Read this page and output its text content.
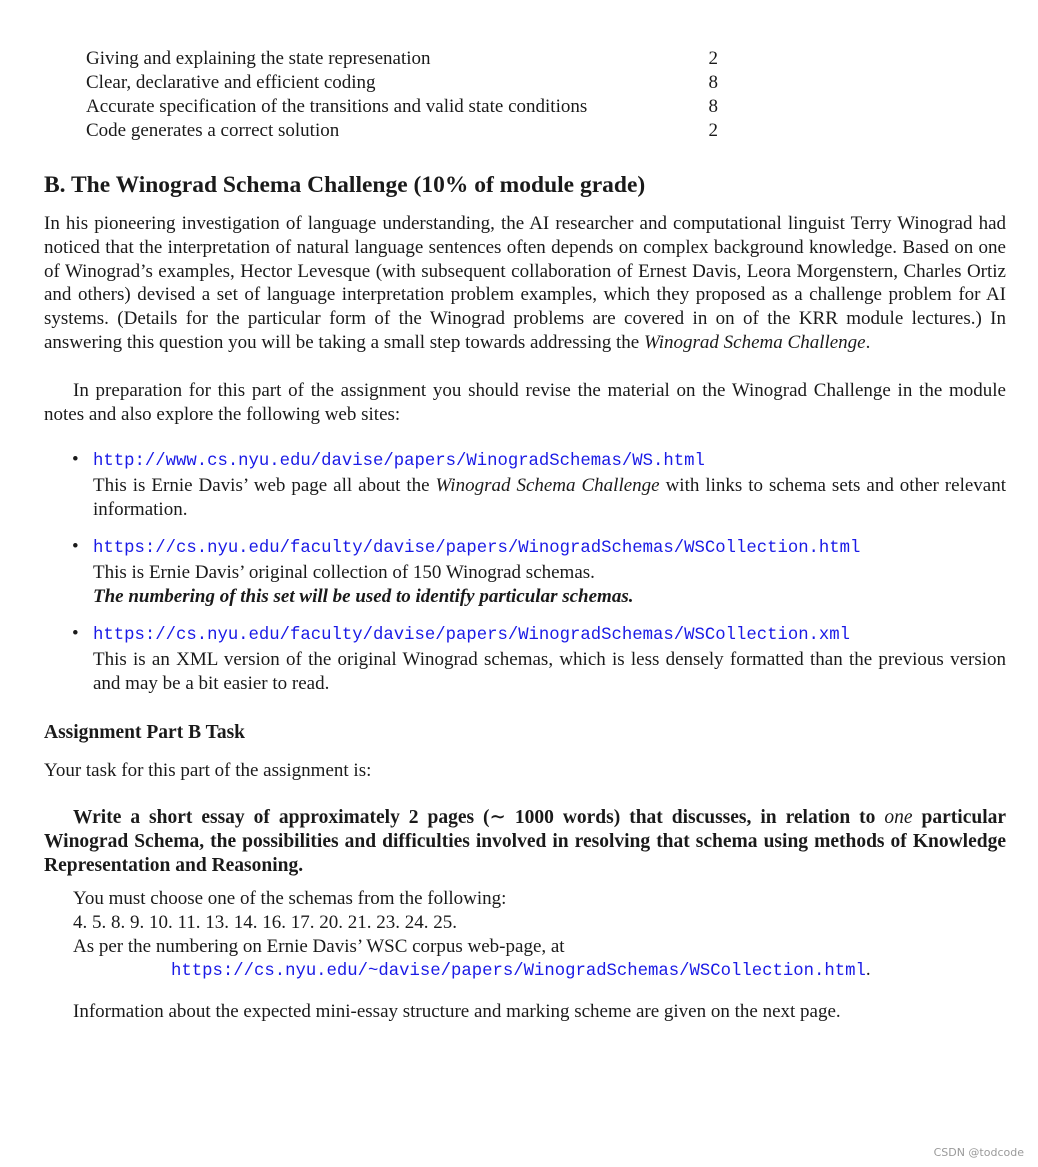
Giving and explaining the state represenation	2
Clear, declarative and efficient coding	8
Accurate specification of the transitions and valid state conditions	8
Code generates a correct solution	2
B. The Winograd Schema Challenge (10% of module grade)

In his pioneering investigation of language understanding, the AI researcher and computational linguist Terry Winograd had noticed that the interpretation of natural language sentences often depends on complex background knowledge. Based on one of Winograd’s examples, Hector Levesque (with subsequent collaboration of Ernest Davis, Leora Morgenstern, Charles Ortiz and others) devised a set of language interpretation problem examples, which they proposed as a challenge problem for AI systems. (Details for the particular form of the Winograd problems are covered in on of the KRR module lectures.) In answering this question you will be taking a small step towards addressing the Winograd Schema Challenge.

In preparation for this part of the assignment you should revise the material on the Winograd Challenge in the module notes and also explore the following web sites:

• http://www.cs.nyu.edu/davise/papers/WinogradSchemas/WS.html
This is Ernie Davis’ web page all about the Winograd Schema Challenge with links to schema sets and other relevant information.
• https://cs.nyu.edu/faculty/davise/papers/WinogradSchemas/WSCollection.html
This is Ernie Davis’ original collection of 150 Winograd schemas.
The numbering of this set will be used to identify particular schemas.
• https://cs.nyu.edu/faculty/davise/papers/WinogradSchemas/WSCollection.xml
This is an XML version of the original Winograd schemas, which is less densely formatted than the previous version and may be a bit easier to read.
Assignment Part B Task

Your task for this part of the assignment is:

Write a short essay of approximately 2 pages (∼ 1000 words) that discusses, in relation to one particular Winograd Schema, the possibilities and difficulties involved in resolving that schema using methods of Knowledge Representation and Reasoning.

You must choose one of the schemas from the following:
4. 5. 8. 9. 10. 11. 13. 14. 16. 17. 20. 21. 23. 24. 25.
As per the numbering on Ernie Davis’ WSC corpus web-page, at
https://cs.nyu.edu/~davise/papers/WinogradSchemas/WSCollection.html.

Information about the expected mini-essay structure and marking scheme are given on the next page.

CSDN @todcode
